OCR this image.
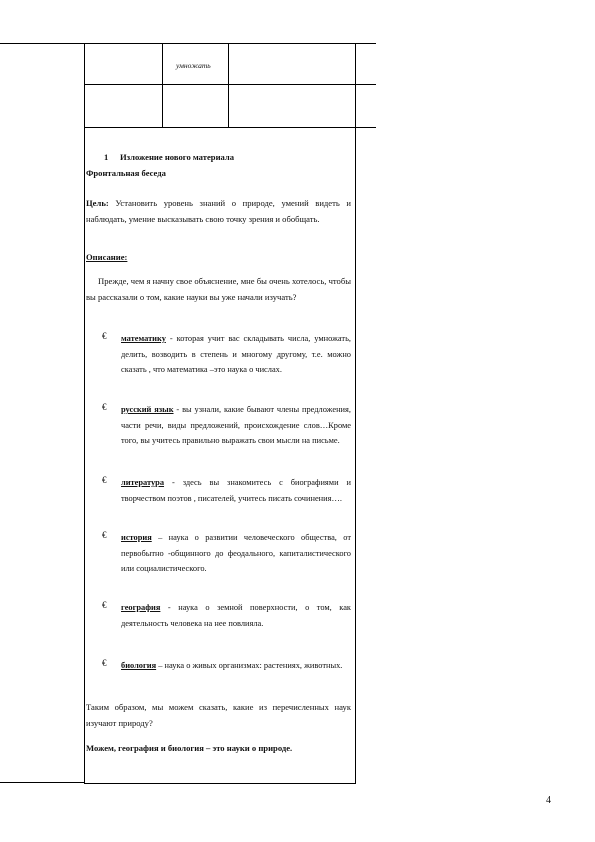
умножать
1 Изложение нового материала
Фронтальная беседа
Цель: Установить уровень знаний о природе, умений видеть и наблюдать, умение высказывать свою точку зрения и обобщать.
Описание:
Прежде, чем я начну свое объяснение, мне бы очень хотелось, чтобы вы рассказали о том, какие науки вы уже начали изучать?
€	математику - которая учит вас складывать числа, умножать, делить, возводить в степень и многому другому, т.е. можно сказать , что математика –это наука о числах.
€	русский язык - вы узнали, какие бывают члены предложения, части речи, виды предложений, происхождение слов…Кроме того, вы учитесь правильно выражать свои мысли на письме.
€	литература - здесь вы знакомитесь с биографиями и творчеством поэтов , писателей, учитесь писать сочинения….
€	история – наука о развитии человеческого общества, от первобытно -общинного до феодального, капиталистического или социалистического.
€	география - наука о земной поверхности, о том, как деятельность человека на нее повлияла.
€	биология – наука о живых организмах: растениях, животных.
Таким образом, мы можем сказать, какие из перечисленных наук изучают природу?
Можем, география и биология – это науки о природе.
4
